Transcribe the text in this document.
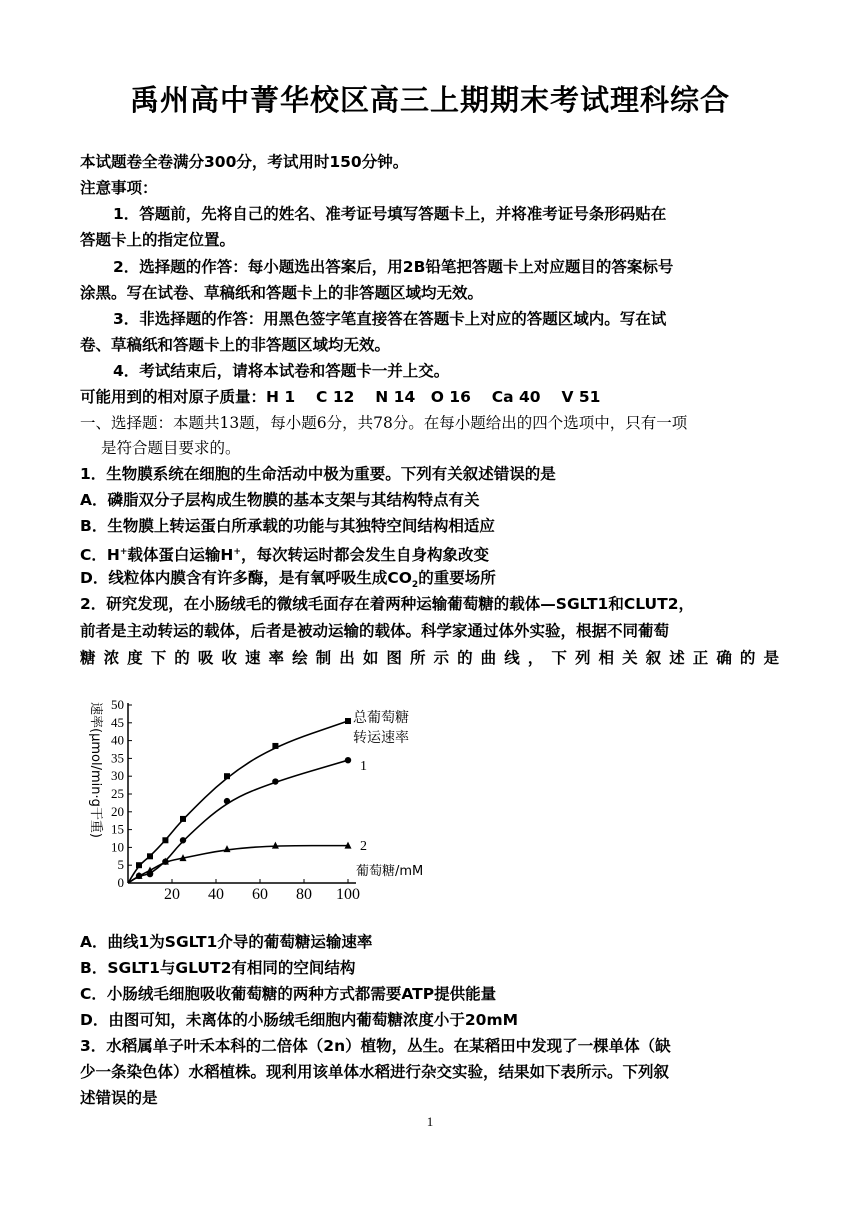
禹州高中菁华校区高三上期期末考试理科综合
本试题卷全卷满分300分，考试用时150分钟。
注意事项：
1．答题前，先将自己的姓名、准考证号填写答题卡上，并将准考证号条形码贴在
答题卡上的指定位置。
2．选择题的作答：每小题选出答案后，用2B铅笔把答题卡上对应题目的答案标号
涂黑。写在试卷、草稿纸和答题卡上的非答题区域均无效。
3．非选择题的作答：用黑色签字笔直接答在答题卡上对应的答题区域内。写在试
卷、草稿纸和答题卡上的非答题区域均无效。
4．考试结束后，请将本试卷和答题卡一并上交。
可能用到的相对原子质量：H 1　 C 12　 N 14　O 16　 Ca 40　 V 51
一、选择题：本题共13题，每小题6分，共78分。在每小题给出的四个选项中，只有一项
是符合题目要求的。
1．生物膜系统在细胞的生命活动中极为重要。下列有关叙述错误的是
A．磷脂双分子层构成生物膜的基本支架与其结构特点有关
B．生物膜上转运蛋白所承载的功能与其独特空间结构相适应
C．H+载体蛋白运输H+，每次转运时都会发生自身构象改变
D．线粒体内膜含有许多酶，是有氧呼吸生成$CO_2$的重要场所
2．研究发现，在小肠绒毛的微绒毛面存在着两种运输葡萄糖的载体—SGLT1和CLUT2，
前者是主动转运的载体，后者是被动运输的载体。科学家通过体外实验，根据不同葡萄
糖浓度下的吸收速率绘制出如图所示的曲线，下列相关叙述正确的是
0
5
10
15
20
25
30
35
40
45
50
20 40 60 80 100
速率(μmol/min·g干重)
葡萄糖/mM
总葡萄糖
转运速率
1
2
A．曲线1为SGLT1介导的葡萄糖运输速率
B．SGLT1与GLUT2有相同的空间结构
C．小肠绒毛细胞吸收葡萄糖的两种方式都需要ATP提供能量
D．由图可知，未离体的小肠绒毛细胞内葡萄糖浓度小于20mM
3．水稻属单子叶禾本科的二倍体（2n）植物，丛生。在某稻田中发现了一棵单体（缺
少一条染色体）水稻植株。现利用该单体水稻进行杂交实验，结果如下表所示。下列叙
述错误的是
1
